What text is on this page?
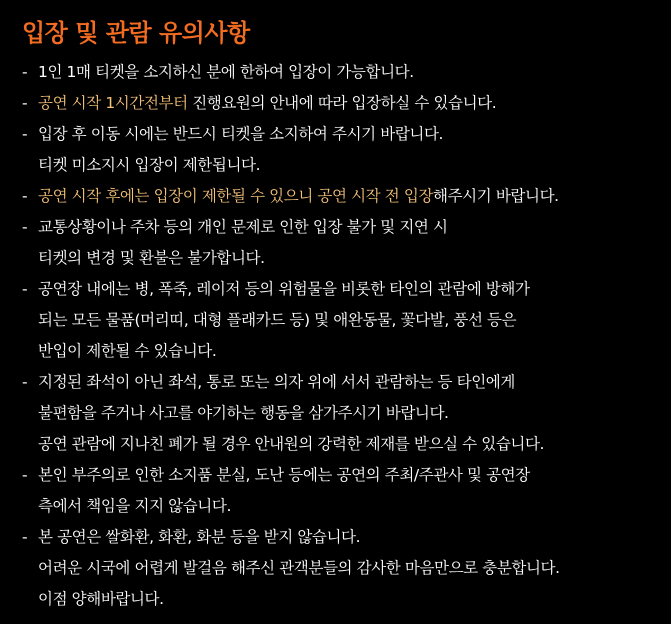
입장 및 관람 유의사항
- 1인 1매 티켓을 소지하신 분에 한하여 입장이 가능합니다.
- 공연 시작 1시간전부터 진행요원의 안내에 따라 입장하실 수 있습니다.
- 입장 후 이동 시에는 반드시 티켓을 소지하여 주시기 바랍니다.
티켓 미소지시 입장이 제한됩니다.
- 공연 시작 후에는 입장이 제한될 수 있으니 공연 시작 전 입장해주시기 바랍니다.
- 교통상황이나 주차 등의 개인 문제로 인한 입장 불가 및 지연 시
티켓의 변경 및 환불은 불가합니다.
- 공연장 내에는 병, 폭죽, 레이저 등의 위험물을 비롯한 타인의 관람에 방해가
되는 모든 물품(머리띠, 대형 플래카드 등) 및 애완동물, 꽃다발, 풍선 등은
반입이 제한될 수 있습니다.
- 지정된 좌석이 아닌 좌석, 통로 또는 의자 위에 서서 관람하는 등 타인에게
불편함을 주거나 사고를 야기하는 행동을 삼가주시기 바랍니다.
공연 관람에 지나친 폐가 될 경우 안내원의 강력한 제재를 받으실 수 있습니다.
- 본인 부주의로 인한 소지품 분실, 도난 등에는 공연의 주최/주관사 및 공연장
측에서 책임을 지지 않습니다.
- 본 공연은 쌀화환, 화환, 화분 등을 받지 않습니다.
어려운 시국에 어렵게 발걸음 해주신 관객분들의 감사한 마음만으로 충분합니다.
이점 양해바랍니다.
